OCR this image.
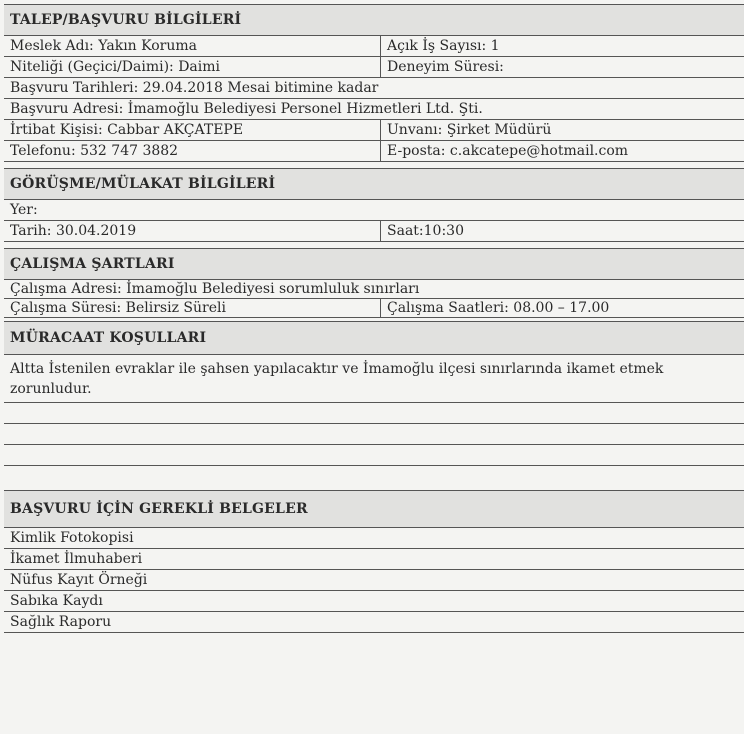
TALEP/BAŞVURU BİLGİLERİ
Meslek Adı: Yakın Koruma	Açık İş Sayısı: 1
Niteliği (Geçici/Daimi): Daimi	Deneyim Süresi:
Başvuru Tarihleri: 29.04.2018 Mesai bitimine kadar
Başvuru Adresi: İmamoğlu Belediyesi Personel Hizmetleri Ltd. Şti.
İrtibat Kişisi: Cabbar AKÇATEPE	Unvanı: Şirket Müdürü
Telefonu: 532 747 3882	E-posta: c.akcatepe@hotmail.com
GÖRÜŞME/MÜLAKAT BİLGİLERİ
Yer:
Tarih: 30.04.2019	Saat:10:30
ÇALIŞMA ŞARTLARI
Çalışma Adresi: İmamoğlu Belediyesi sorumluluk sınırları
Çalışma Süresi: Belirsiz Süreli	Çalışma Saatleri: 08.00 – 17.00
MÜRACAAT KOŞULLARI
Altta İstenilen evraklar ile şahsen yapılacaktır ve İmamoğlu ilçesi sınırlarında ikamet etmek zorunludur.
BAŞVURU İÇİN GEREKLİ BELGELER
Kimlik Fotokopisi
İkamet İlmuhaberi
Nüfus Kayıt Örneği
Sabıka Kaydı
Sağlık Raporu
